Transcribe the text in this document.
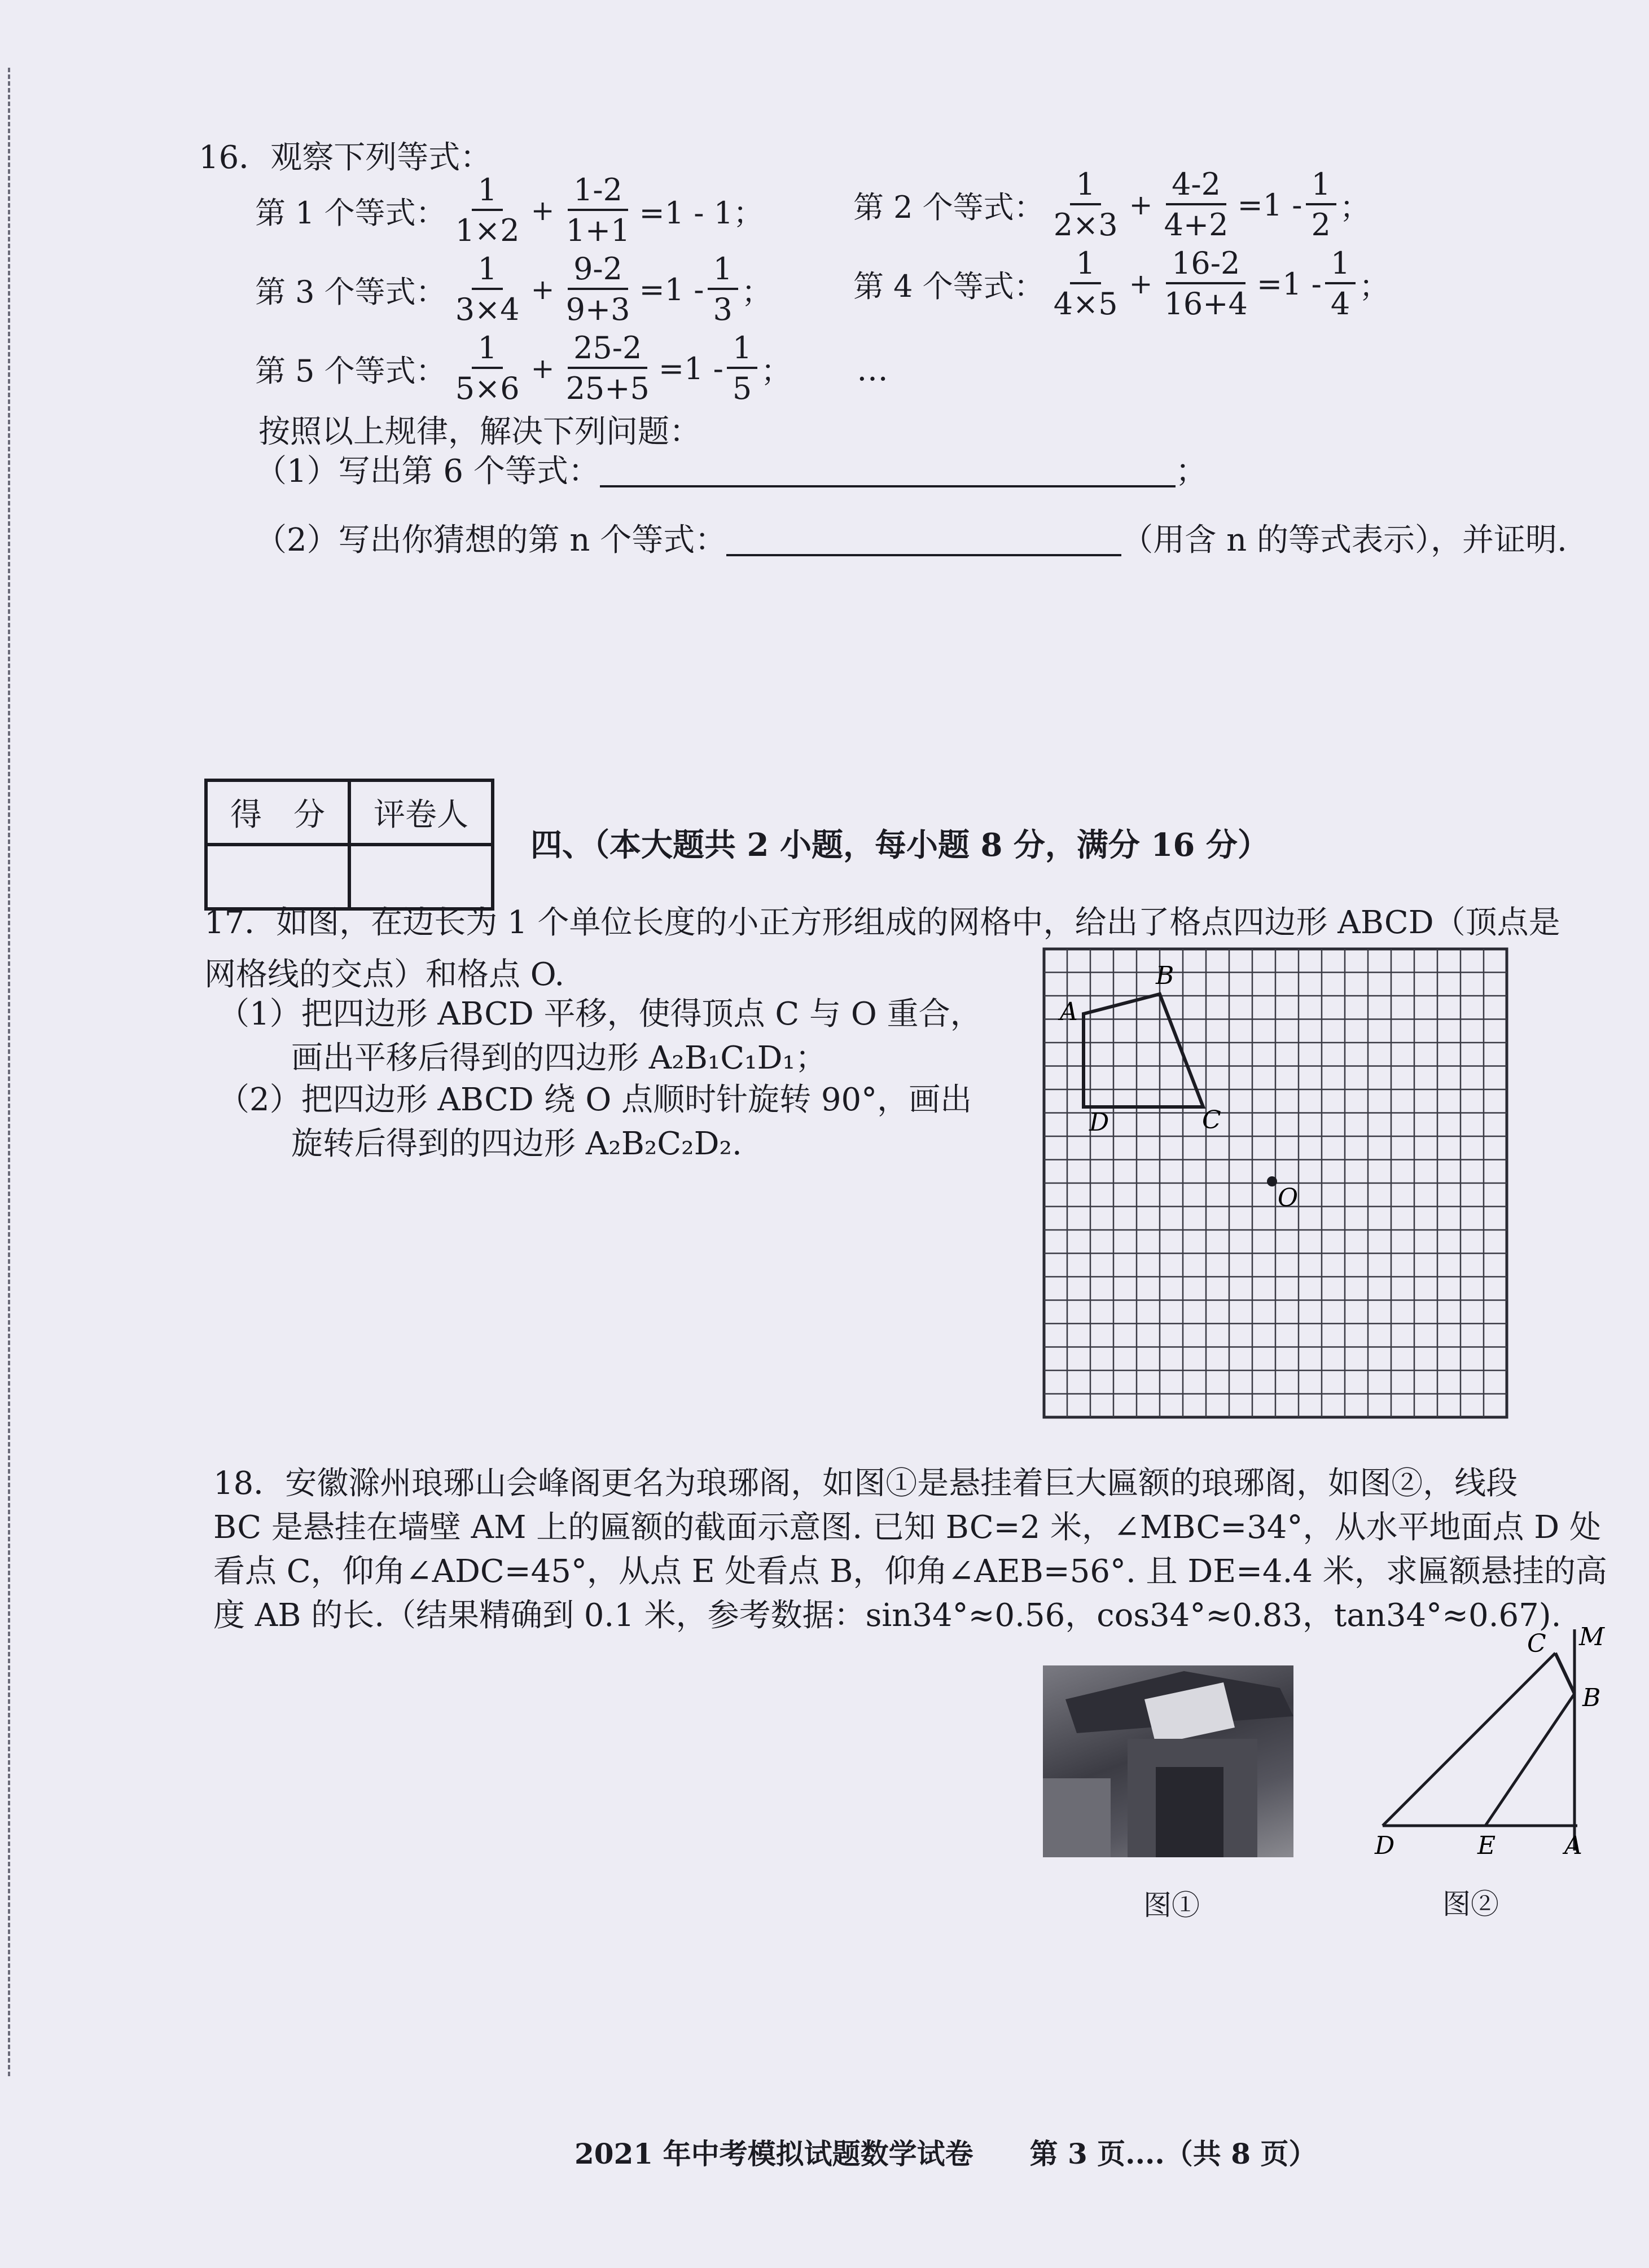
16．观察下列等式：
第 1 个等式： $\frac{1}{1\times 2} + \frac{1-2}{1+1} =1 - 1$；	第 2 个等式： $\frac{1}{2\times 3} + \frac{4-2}{4+2} =1 - \frac{1}{2}$ ；
第 3 个等式： $\frac{1}{3\times 4} + \frac{9-2}{9+3} =1 - \frac{1}{3}$ ；	第 4 个等式： $\frac{1}{4\times 5} + \frac{16-2}{16+4} =1 - \frac{1}{4}$ ；
第 5 个等式： $\frac{1}{5\times 6} + \frac{25-2}{25+5} =1 - \frac{1}{5}$ ； …
按照以上规律，解决下列问题：
（1）写出第 6 个等式：	；
（2）写出你猜想的第 n 个等式：	（用含 n 的等式表示），并证明.
得　分	评卷人

四、（本大题共 2 小题，每小题 8 分，满分 16 分）
17．如图，在边长为 1 个单位长度的小正方形组成的网格中，给出了格点四边形 ABCD（顶点是
网格线的交点）和格点 O.
（1）把四边形 ABCD 平移，使得顶点 C 与 O 重合，
画出平移后得到的四边形 A₂B₁C₁D₁；
（2）把四边形 ABCD 绕 O 点顺时针旋转 90°，画出
旋转后得到的四边形 A₂B₂C₂D₂.
A
B
C
D
O
18．安徽滁州琅琊山会峰阁更名为琅琊阁，如图①是悬挂着巨大匾额的琅琊阁，如图②，线段
BC 是悬挂在墙壁 AM 上的匾额的截面示意图. 已知 BC=2 米，∠MBC=34°，从水平地面点 D 处
看点 C，仰角∠ADC=45°，从点 E 处看点 B，仰角∠AEB=56°. 且 DE=4.4 米，求匾额悬挂的高
度 AB 的长.（结果精确到 0.1 米，参考数据：sin34°≈0.56，cos34°≈0.83，tan34°≈0.67).
图①
C M
B
D	E	A
图②
2021 年中考模拟试题数学试卷　　第 3 页....（共 8 页）
